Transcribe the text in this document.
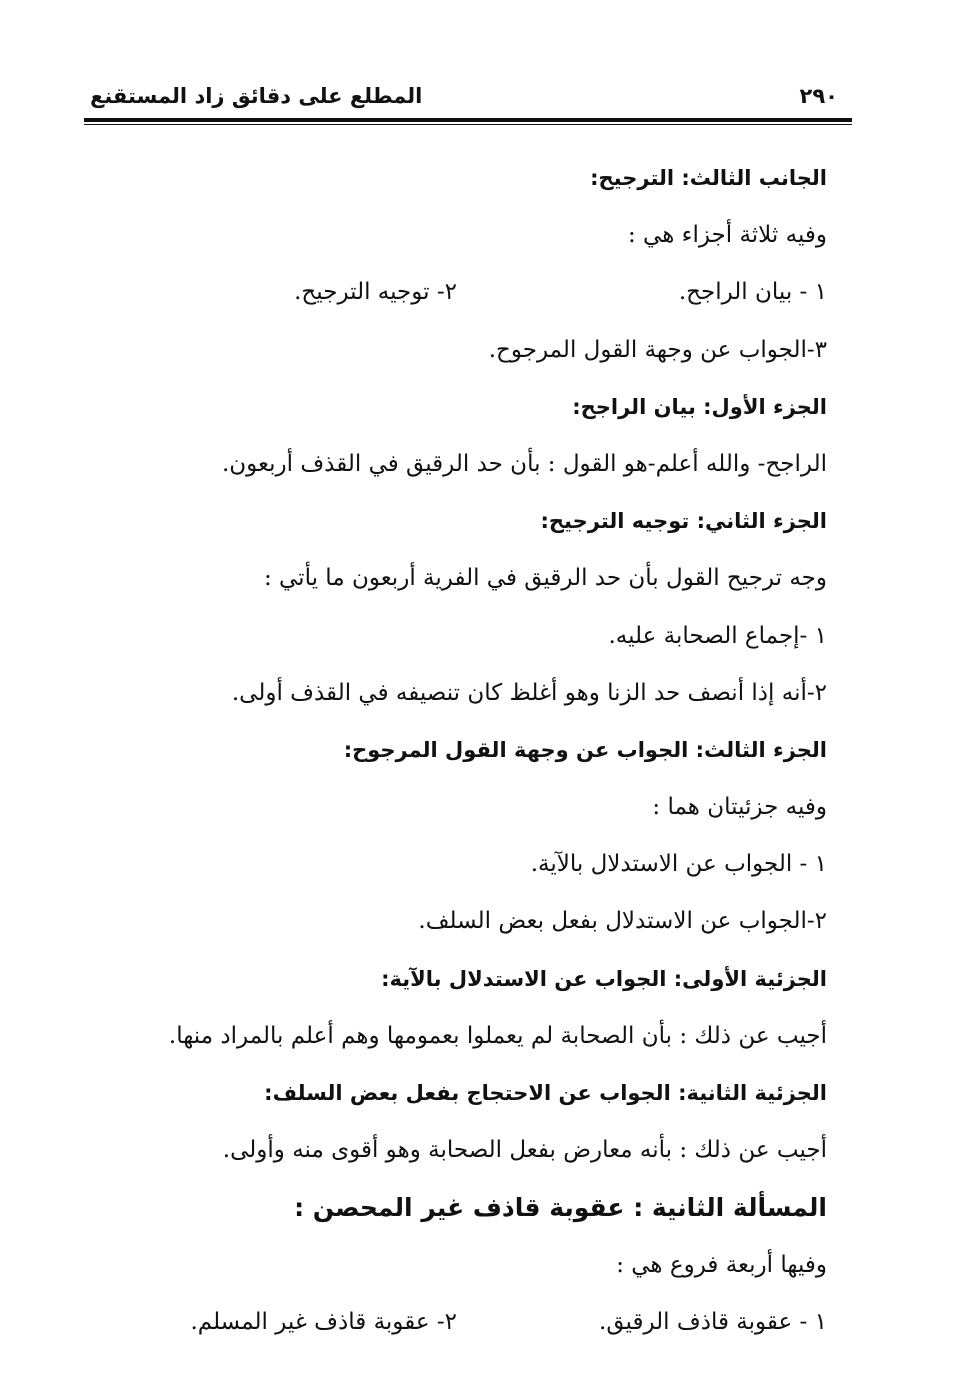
٢٩٠
المطلع على دقائق زاد المستقنع
الجانب الثالث: الترجيح:
وفيه ثلاثة أجزاء هي :
١ - بيان الراجح.
٢- توجيه الترجيح.
٣-الجواب عن وجهة القول المرجوح.
الجزء الأول: بيان الراجح:
الراجح- والله أعلم-هو القول : بأن حد الرقيق في القذف أربعون.
الجزء الثاني: توجيه الترجيح:
وجه ترجيح القول بأن حد الرقيق في الفرية أربعون ما يأتي :
١ -إجماع الصحابة عليه.
٢-أنه إذا أنصف حد الزنا وهو أغلظ كان تنصيفه في القذف أولى.
الجزء الثالث: الجواب عن وجهة القول المرجوح:
وفيه جزئيتان هما :
١ - الجواب عن الاستدلال بالآية.
٢-الجواب عن الاستدلال بفعل بعض السلف.
الجزئية الأولى: الجواب عن الاستدلال بالآية:
أجيب عن ذلك : بأن الصحابة لم يعملوا بعمومها وهم أعلم بالمراد منها.
الجزئية الثانية: الجواب عن الاحتجاج بفعل بعض السلف:
أجيب عن ذلك : بأنه معارض بفعل الصحابة وهو أقوى منه وأولى.
المسألة الثانية : عقوبة قاذف غير المحصن :
وفيها أربعة فروع هي :
١ - عقوبة قاذف الرقيق.
٢- عقوبة قاذف غير المسلم.
